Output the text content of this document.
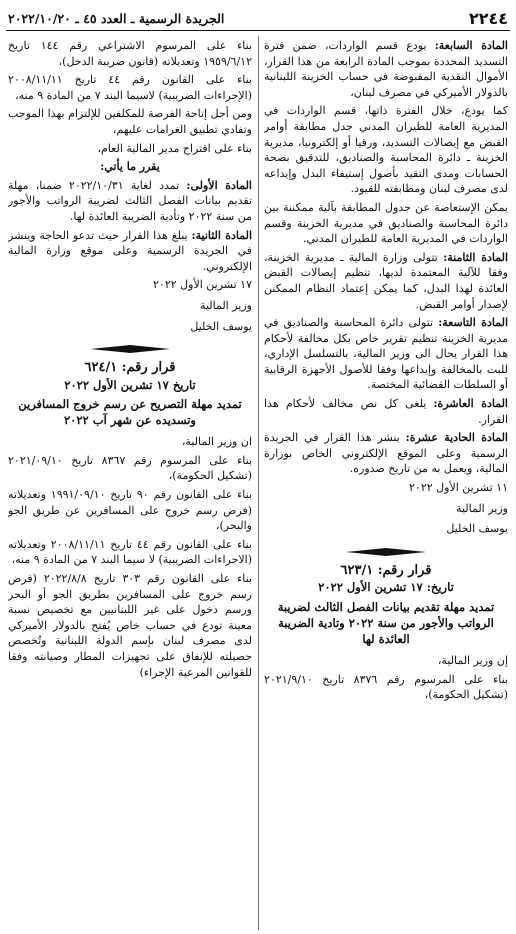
٢٢٤٤
الجريدة الرسمية ـ العدد ٤٥ ـ ٢٠٢٢/١٠/٢٠

المادة السابعة: يودع قسم الواردات، ضمن فترة التسديد المحددة بموجب المادة الرابعة من هذا القرار، الأموال النقدية المقبوضة في حساب الخزينة اللبنانية بالدولار الأميركي في مصرف لبنان،

كما يودع، خلال الفترة ذاتها، قسم الواردات في المديرية العامة للطيران المدني جدل مطابقة أوامر القبض مع إيصالات التسديد، ورقيا أو إلكترونيا، مديرية الخزينة ـ دائرة المحاسبة والصناديق، للتدقيق بصحة الحسابات ومدى التقيد بأصول إستيفاء البدل وإيداعه لدى مصرف لبنان ومطابقته للقيود.

يمكن الإستعاضة عن جدول المطابقة بآلية ممكننة بين دائرة المحاسبة والصناديق في مديرية الخزينة وقسم الواردات في المديرية العامة للطيران المدني.

المادة الثامنة: تتولى وزارة المالية ـ مديرية الخزينة، وفقا للآلية المعتمدة لديها، تنظيم إيصالات القبض العائدة لهذا البدل، كما يمكن إعتماد النظام الممكنن لإصدار أوامر القبض.

المادة التاسعة: تتولى دائرة المحاسبة والصناديق في مديرية الخزينة تنظيم تقرير خاص بكل مخالفة لأحكام هذا القرار يحال الى وزير المالية، بالتسلسل الإداري، للبت بالمخالفة وإيداعها وفقا للأصول الأجهزة الرقابية أو السلطات القضائية المختصة.

المادة العاشرة: يلغى كل نص مخالف لأحكام هذا القرار.

المادة الحادية عشرة: ينشر هذا القرار في الجريدة الرسمية وعلى الموقع الإلكتروني الخاص بوزارة المالية، ويعمل به من تاريخ صدوره.

١١ تشرين الأول ٢٠٢٢

وزير المالية

يوسف الخليل

قرار رقم: ٦٢٣/١
تاريخ: ١٧ تشرين الأول ٢٠٢٢
تمديد مهلة تقديم بيانات الفصل الثالث لضريبة الرواتب والأجور من سنة ٢٠٢٢ وتادية الضريبة العائدة لها

إن وزير المالية،

بناء على المرسوم رقم ٨٣٧٦ تاريخ ٢٠٢١/٩/١٠ (تشكيل الحكومة)،

بناء على المرسوم الاشتراعي رقم ١٤٤ تاريخ ١٩٥٩/٦/١٢ وتعديلاته (قانون ضريبة الدخل)،

بناء على القانون رقم ٤٤ تاريخ ٢٠٠٨/١١/١١ (الإجراءات الضريبية) لاسيما البند ٧ من المادة ٩ منه،

ومن أجل إتاحة الفرصة للمكلفين للإلتزام بهذا الموجب وتفادي تطبيق الغرامات عليهم،

بناء على اقتراح مدير المالية العام،

يقرر ما يأتي:

المادة الأولى: تمدد لغاية ٢٠٢٢/١٠/٣١ ضمنا، مهلة تقديم بيانات الفصل الثالث لضريبة الرواتب والأجور من سنة ٢٠٢٢ وتأدية الضريبة العائدة لها.

المادة الثانية: يبلغ هذا القرار حيث تدعو الحاجة وينشر في الجريدة الرسمية وعلى موقع وزارة المالية الإلكتروني.

١٧ تشرين الأول ٢٠٢٢

وزير المالية

يوسف الخليل

قرار رقم: ٦٢٤/١
تاريخ ١٧ تشرين الأول ٢٠٢٢
تمديد مهلة التصريح عن رسم خروج المسافرين وتسديده عن شهر آب ٢٠٢٢

ان وزير المالية،

بناء على المرسوم رقم ٨٣٦٧ تاريخ ٢٠٢١/٠٩/١٠ (تشكيل الحكومة)،

بناء على القانون رقم ٩٠ تاريخ ١٩٩١/٠٩/١٠ وتعديلاته (فرض رسم خروج على المسافرين عن طريق الجو والبحر)،

بناء على القانون رقم ٤٤ تاريخ ٢٠٠٨/١١/١١ وتعديلاته (الاجراءات الضريبية) لا سيما البند ٧ من المادة ٩ منه،

بناء على القانون رقم ٣٠٣ تاريخ ٢٠٢٢/٨/٨ (فرض رسم خروج على المسافرين بطريق الجو أو البحر ورسم دخول على غير اللبنانيين مع تخصيص نسبة معينة تودع في حساب خاص يُفتح بالدولار الأميركي لدى مصرف لبنان بإسم الدولة اللبنانية وتُخصص حصيلته للإنفاق على تجهيزات المطار وصيانته وفقا للقوانين المرعية الإجراء)
